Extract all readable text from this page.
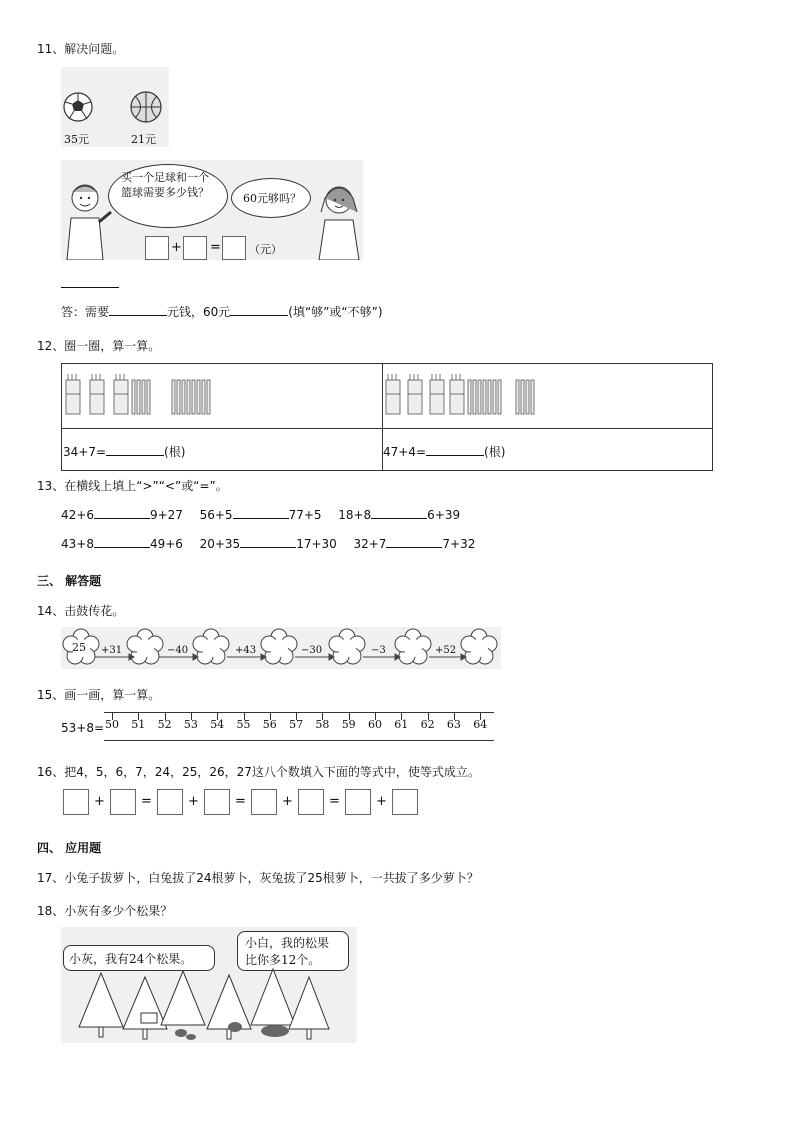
11、解决问题。
35元	21元
买一个足球和一个篮球需要多少钱？	60元够吗？
+ =	（元）
答：需要	元钱，60元	(填“够”或“不够”)
12、圈一圈，算一算。
34+7=	(根)	47+4=	(根)
13、在横线上填上“>”“<”或“=”。
42+6	9+27 56+5	77+5 18+8	6+39
43+8	49+6 20+35	17+30 32+7	7+32
三、 解答题
14、击鼓传花。
25 +31	−40	+43	−30	−3	+52
15、画一画，算一算。
53+8= 50 51 52 53 54 55 56 57 58 59 60 61 62 63 64
16、把4，5，6，7，24，25，26，27这八个数填入下面的等式中，使等式成立。
+	=	+	=	+	=	+
四、 应用题
17、小兔子拔萝卜，白兔拔了24根萝卜，灰兔拔了25根萝卜，一共拔了多少萝卜？
18、小灰有多少个松果？
小灰，我有24个松果。
小白，我的松果
比你多12个。
